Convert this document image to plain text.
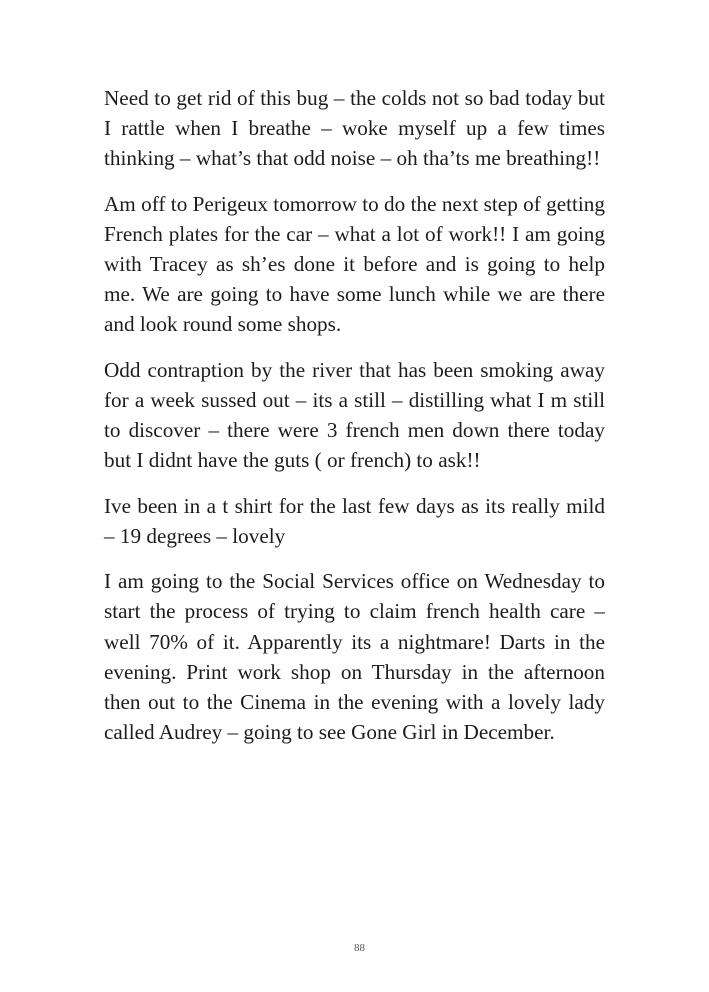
Need to get rid of this bug – the colds not so bad today but I rattle when I breathe – woke myself up a few times thinking – what’s that odd noise – oh tha’ts me breathing!!

Am off to Perigeux tomorrow to do the next step of getting French plates for the car – what a lot of work!! I am going with Tracey as sh’es done it before and is going to help me. We are going to have some lunch while we are there and look round some shops.

Odd contraption by the river that has been smoking away for a week sussed out – its a still – distilling what I m still to discover – there were 3 french men down there today but I didnt have the guts ( or french) to ask!!

Ive been in a t shirt for the last few days as its really mild – 19 degrees – lovely

I am going to the Social Services office on Wednesday to start the process of trying to claim french health care – well 70% of it. Apparently its a nightmare! Darts in the evening. Print work shop on Thursday in the afternoon then out to the Cinema in the evening with a lovely lady called Audrey – going to see Gone Girl in December.

88
